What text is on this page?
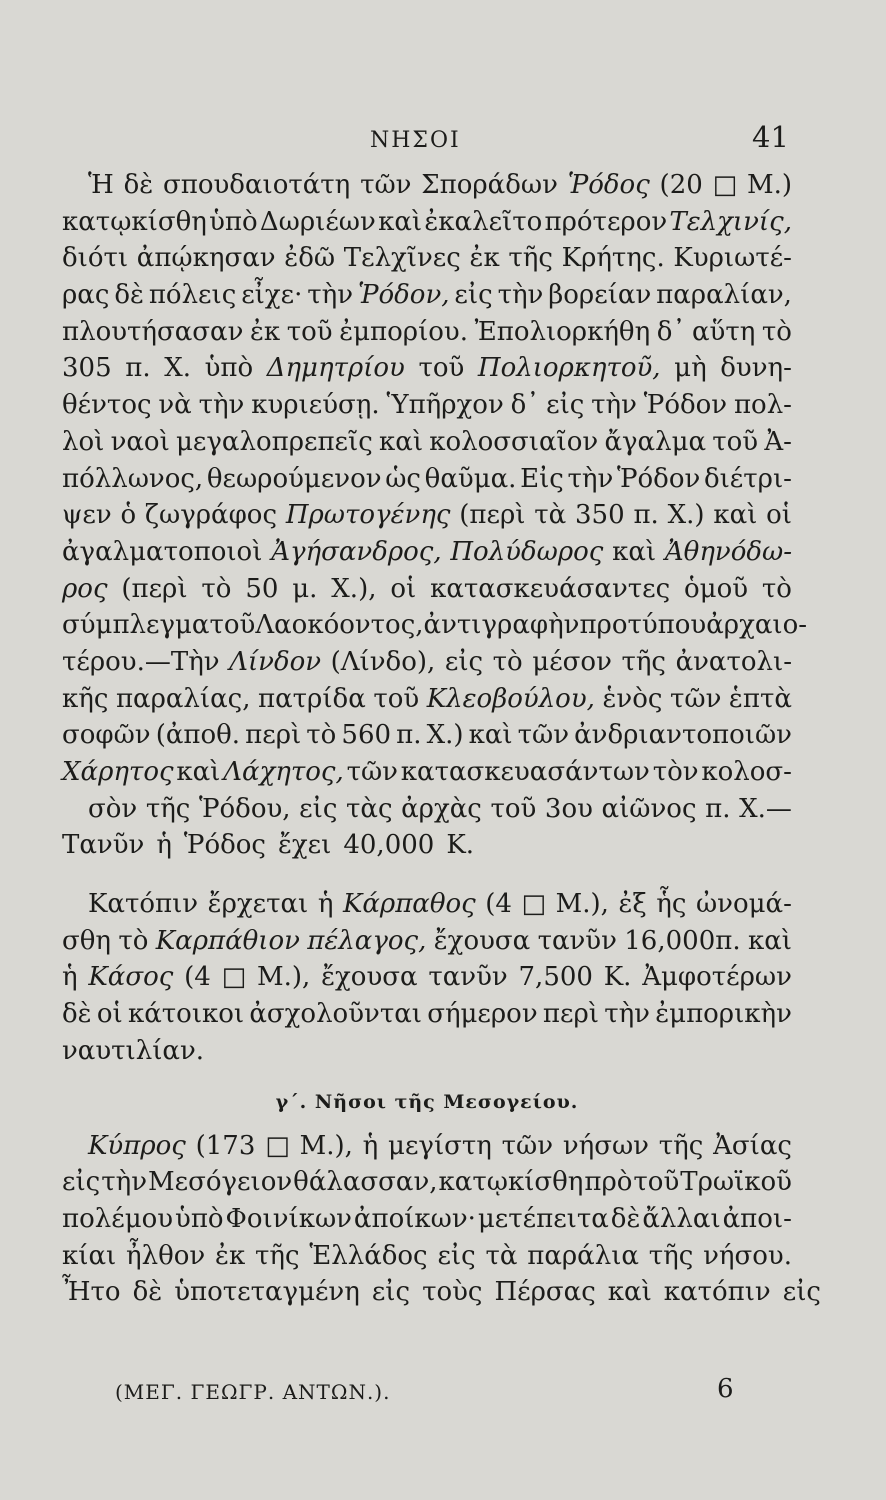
ΝΗΣΟΙ	41
Ἡ δὲ σπουδαιοτάτη τῶν Σποράδων Ῥόδος (20 □ Μ.)
κατῳκίσθη ὑπὸ Δωριέων καὶ ἐκαλεῖτο πρότερον Τελχινίς,
διότι ἀπῴκησαν ἐδῶ Τελχῖνες ἐκ τῆς Κρήτης. Κυριωτέ-
ρας δὲ πόλεις εἶχε· τὴν Ῥόδον, εἰς τὴν βορείαν παραλίαν,
πλουτήσασαν ἐκ τοῦ ἐμπορίου. Ἐπολιορκήθη δ᾽ αὕτη τὸ
305 π. Χ. ὑπὸ Δημητρίου τοῦ Πολιορκητοῦ, μὴ δυνη-
θέντος νὰ τὴν κυριεύσῃ. Ὑπῆρχον δ᾽ εἰς τὴν Ῥόδον πολ-
λοὶ ναοὶ μεγαλοπρεπεῖς καὶ κολοσσιαῖον ἄγαλμα τοῦ Ἀ-
πόλλωνος, θεωρούμενον ὡς θαῦμα. Εἰς τὴν Ῥόδον διέτρι-
ψεν ὁ ζωγράφος Πρωτογένης (περὶ τὰ 350 π. Χ.) καὶ οἱ
ἀγαλματοποιοὶ Ἀγήσανδρος, Πολύδωρος καὶ Ἀθηνόδω-
ρος (περὶ τὸ 50 μ. Χ.), οἱ κατασκευάσαντες ὁμοῦ τὸ
σύμπλεγμα τοῦ Λαοκόοντος, ἀντιγραφὴν προτύπου ἀρχαιο-
τέρου.—Τὴν Λίνδον (Λίνδο), εἰς τὸ μέσον τῆς ἀνατολι-
κῆς παραλίας, πατρίδα τοῦ Κλεοβούλου, ἑνὸς τῶν ἑπτὰ
σοφῶν (ἀποθ. περὶ τὸ 560 π. Χ.) καὶ τῶν ἀνδριαντοποιῶν
Χάρητος καὶ Λάχητος, τῶν κατασκευασάντων τὸν κολοσ-
σὸν τῆς Ῥόδου, εἰς τὰς ἀρχὰς τοῦ 3ου αἰῶνος π. Χ.—
Τανῦν ἡ Ῥόδος ἔχει 40,000 Κ.
Κατόπιν ἔρχεται ἡ Κάρπαθος (4 □ Μ.), ἐξ ἧς ὠνομά-
σθη τὸ Καρπάθιον πέλαγος, ἔχουσα τανῦν 16,000π. καὶ
ἡ Κάσος (4 □ Μ.), ἔχουσα τανῦν 7,500 Κ. Ἀμφοτέρων
δὲ οἱ κάτοικοι ἀσχολοῦνται σήμερον περὶ τὴν ἐμπορικὴν
ναυτιλίαν.
γ΄. Νῆσοι τῆς Μεσογείου.
Κύπρος (173 □ Μ.), ἡ μεγίστη τῶν νήσων τῆς Ἀσίας
εἰς τὴν Μεσόγειον θάλασσαν, κατῳκίσθη πρὸ τοῦ Τρωϊκοῦ
πολέμου ὑπὸ Φοινίκων ἀποίκων· μετέπειτα δὲ ἄλλαι ἀποι-
κίαι ἦλθον ἐκ τῆς Ἑλλάδος εἰς τὰ παράλια τῆς νήσου.
Ἦτο δὲ ὑποτεταγμένη εἰς τοὺς Πέρσας καὶ κατόπιν εἰς
(ΜΕΓ. ΓΕΩΓΡ. ΑΝΤΩΝ.).	6
